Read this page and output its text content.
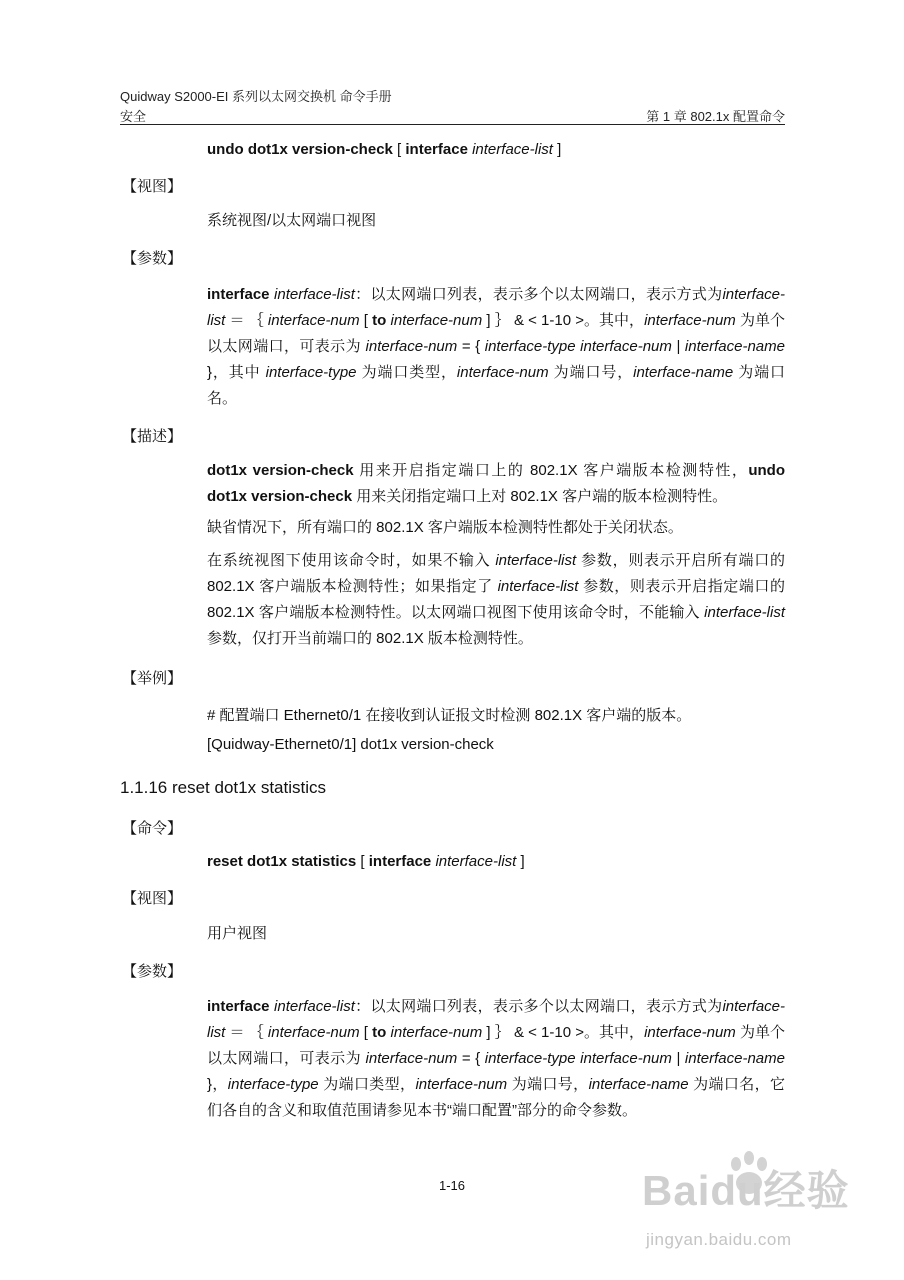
Quidway S2000-EI 系列以太网交换机 命令手册
安全	第 1 章 802.1x 配置命令
undo dot1x version-check [ interface interface-list ]
【视图】
系统视图/以太网端口视图
【参数】
interface interface-list：以太网端口列表，表示多个以太网端口，表示方式为interface-list ＝ ｛ interface-num [ to interface-num ] ｝ & < 1-10 >。其中，interface-num 为单个以太网端口，可表示为 interface-num = { interface-type interface-num | interface-name }，其中 interface-type 为端口类型，interface-num 为端口号，interface-name 为端口名。
【描述】
dot1x version-check 用来开启指定端口上的 802.1X 客户端版本检测特性，undo dot1x version-check 用来关闭指定端口上对 802.1X 客户端的版本检测特性。
缺省情况下，所有端口的 802.1X 客户端版本检测特性都处于关闭状态。
在系统视图下使用该命令时，如果不输入 interface-list 参数，则表示开启所有端口的 802.1X 客户端版本检测特性；如果指定了 interface-list 参数，则表示开启指定端口的 802.1X 客户端版本检测特性。以太网端口视图下使用该命令时，不能输入 interface-list 参数，仅打开当前端口的 802.1X 版本检测特性。
【举例】
# 配置端口 Ethernet0/1 在接收到认证报文时检测 802.1X 客户端的版本。
[Quidway-Ethernet0/1] dot1x version-check
1.1.16 reset dot1x statistics
【命令】
reset dot1x statistics [ interface interface-list ]
【视图】
用户视图
【参数】
interface interface-list：以太网端口列表，表示多个以太网端口，表示方式为interface-list ＝ ｛ interface-num [ to interface-num ] ｝ & < 1-10 >。其中，interface-num 为单个以太网端口，可表示为 interface-num = { interface-type interface-num | interface-name }，interface-type 为端口类型，interface-num 为端口号，interface-name 为端口名，它们各自的含义和取值范围请参见本书“端口配置”部分的命令参数。
1-16	Baidu经验
jingyan.baidu.com
